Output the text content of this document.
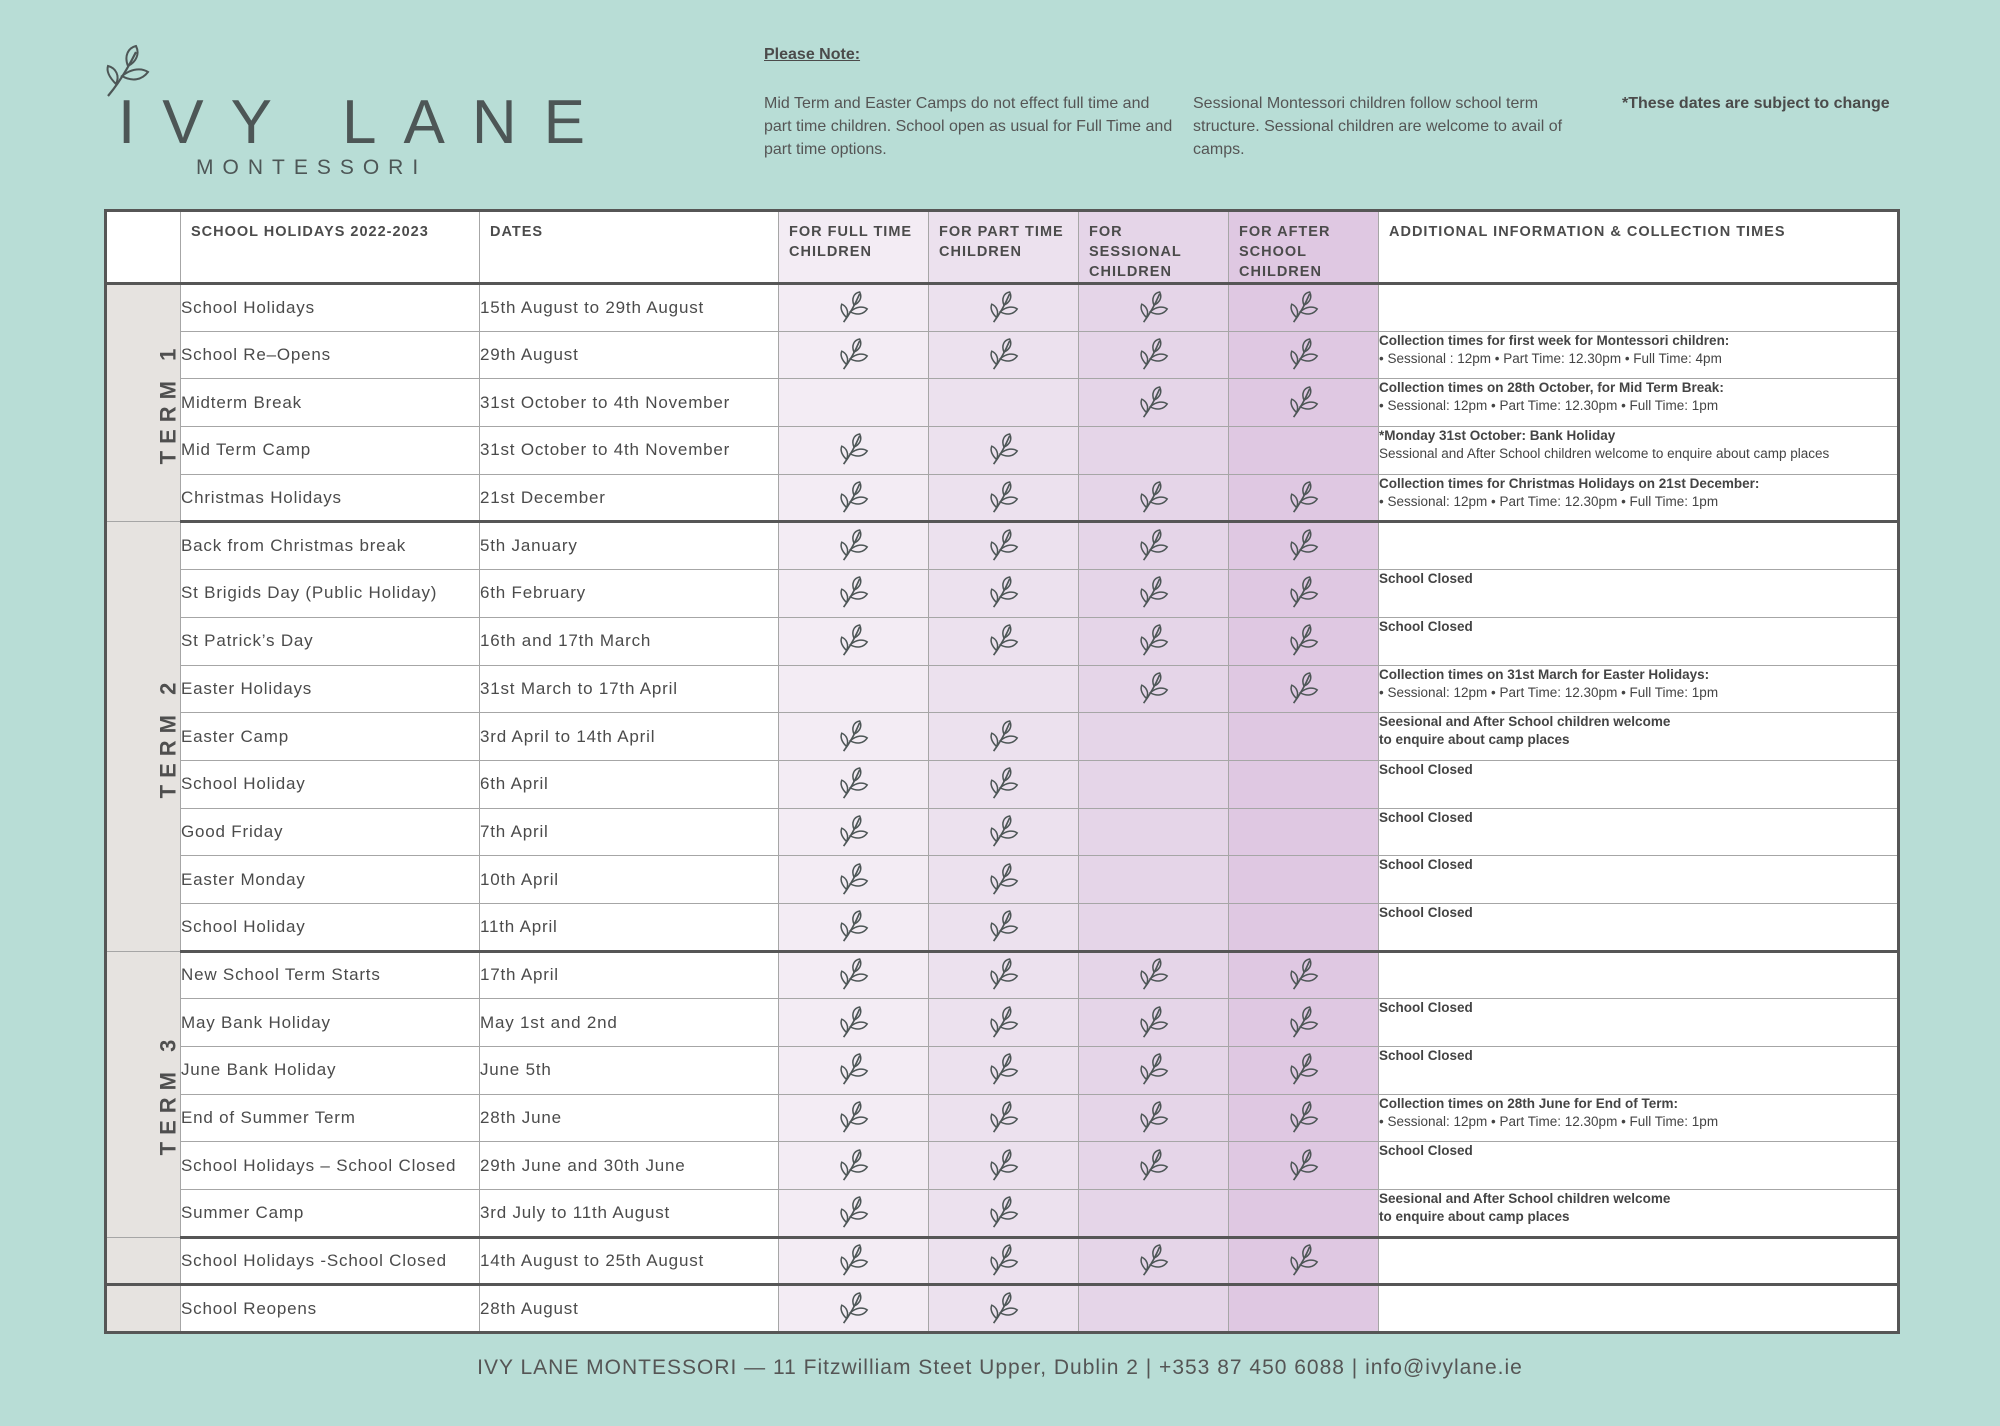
IVY LANE
MONTESSORI
Please Note:
Mid Term and Easter Camps do not effect full time and part time children. School open as usual for Full Time and part time options.
Sessional Montessori children follow school term structure. Sessional children are welcome to avail of camps.
*These dates are subject to change
	SCHOOL HOLIDAYS 2022-2023	DATES	FOR FULL TIME CHILDREN	FOR PART TIME CHILDREN	FOR SESSIONAL CHILDREN	FOR AFTER SCHOOL CHILDREN	ADDITIONAL INFORMATION & COLLECTION TIMES
TERM 1	School Holidays	15th August to 29th August					

	School Re–Opens	29th August					Collection times for first week for Montessori children:
• Sessional : 12pm • Part Time: 12.30pm • Full Time: 4pm

	Midterm Break	31st October to 4th November					Collection times on 28th October, for Mid Term Break:
• Sessional: 12pm • Part Time: 12.30pm • Full Time: 1pm

	Mid Term Camp	31st October to 4th November					*Monday 31st October: Bank Holiday
Sessional and After School children welcome to enquire about camp places

	Christmas Holidays	21st December					Collection times for Christmas Holidays on 21st December:
• Sessional: 12pm • Part Time: 12.30pm • Full Time: 1pm

TERM 2	Back from Christmas break	5th January					

	St Brigids Day (Public Holiday)	6th February					School Closed

	St Patrick’s Day	16th and 17th March					School Closed

	Easter Holidays	31st March to 17th April					Collection times on 31st March for Easter Holidays:
• Sessional: 12pm • Part Time: 12.30pm • Full Time: 1pm

	Easter Camp	3rd April to 14th April					Seesional and After School children welcome
to enquire about camp places

	School Holiday	6th April					School Closed

	Good Friday	7th April					School Closed

	Easter Monday	10th April					School Closed

	School Holiday	11th April					School Closed

TERM 3	New School Term Starts	17th April					

	May Bank Holiday	May 1st and 2nd					School Closed

	June Bank Holiday	June 5th					School Closed

	End of Summer Term	28th June					Collection times on 28th June for End of Term:
• Sessional: 12pm • Part Time: 12.30pm • Full Time: 1pm

	School Holidays – School Closed	29th June and 30th June					School Closed

	Summer Camp	3rd July to 11th August					Seesional and After School children welcome
to enquire about camp places

	School Holidays -School Closed	14th August to 25th August					

	School Reopens	28th August					
IVY LANE MONTESSORI — 11 Fitzwilliam Steet Upper, Dublin 2 | +353 87 450 6088 | info@ivylane.ie
